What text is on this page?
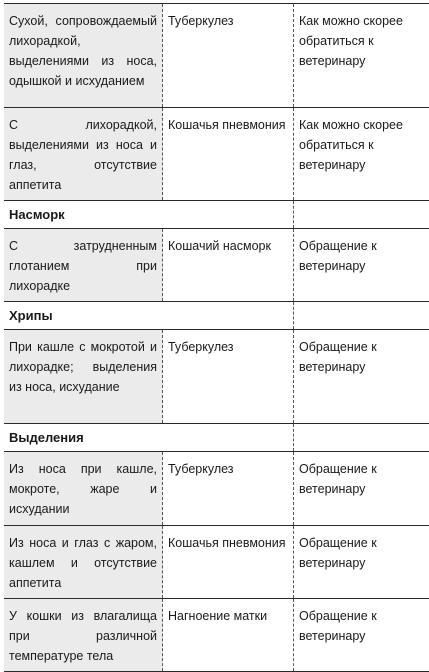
Сухой, сопровождаемый лихорадкой, выделениями из носа, одышкой и исхуданием	Туберкулез	Как можно скорее обратиться к ветеринару

С лихорадкой, выделениями из носа и глаз, отсутствие аппетита	Кошачья пневмония	Как можно скорее обратиться к ветеринару

Насморк		

С затрудненным глотанием при лихорадке	Кошачий насморк	Обращение к ветеринару

Хрипы		

При кашле с мокротой и лихорадке; выделения из носа, исхудание	Туберкулез	Обращение к ветеринару

Выделения		

Из носа при кашле, мокроте, жаре и исхудании	Туберкулез	Обращение к ветеринару

Из носа и глаз с жаром, кашлем и отсутствие аппетита	Кошачья пневмония	Обращение к ветеринару

У кошки из влагалища при различной температуре тела	Нагноение матки	Обращение к ветеринару
